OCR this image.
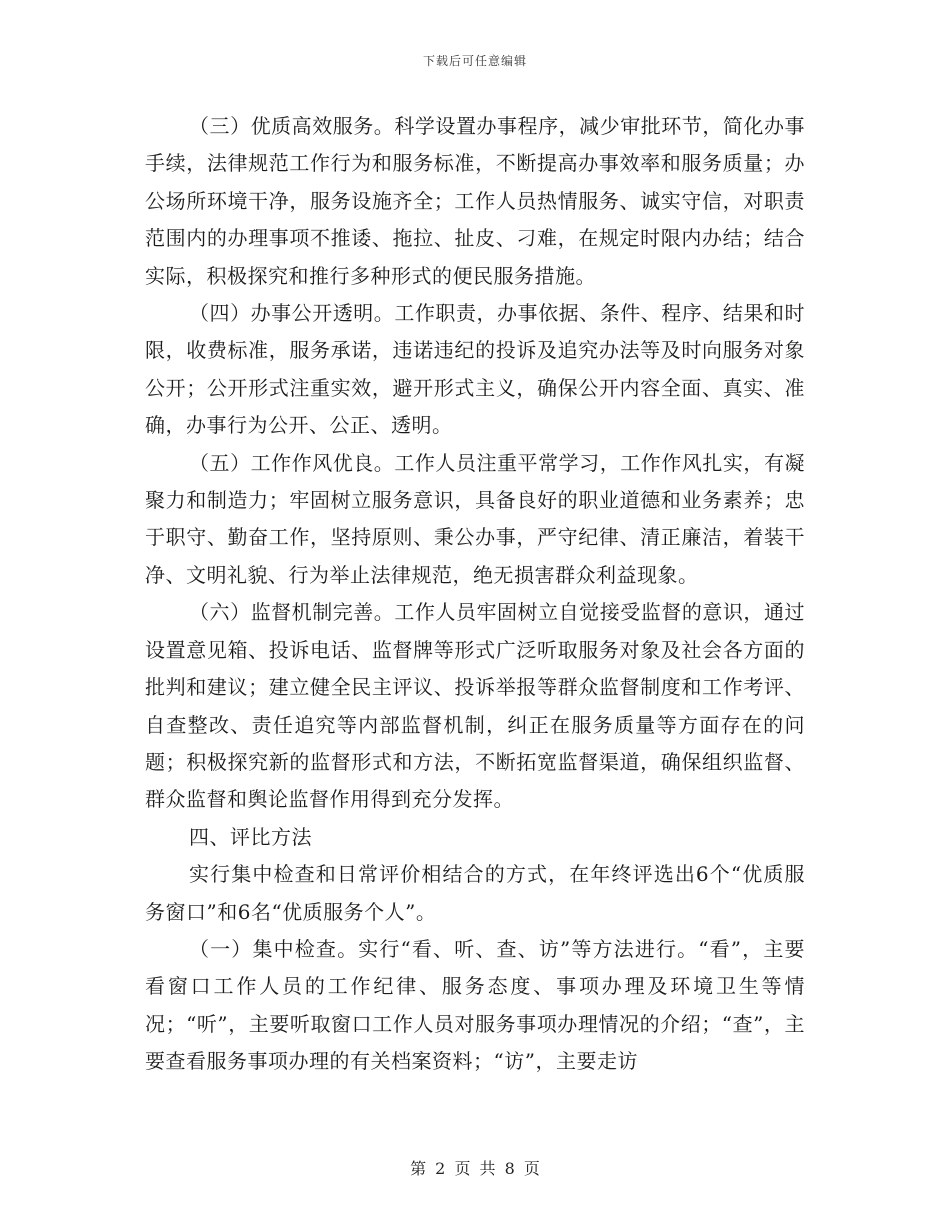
下载后可任意编辑

（三）优质高效服务。科学设置办事程序，减少审批环节，简化办事手续，法律规范工作行为和服务标准，不断提高办事效率和服务质量；办公场所环境干净，服务设施齐全；工作人员热情服务、诚实守信，对职责范围内的办理事项不推诿、拖拉、扯皮、刁难，在规定时限内办结；结合实际，积极探究和推行多种形式的便民服务措施。

（四）办事公开透明。工作职责，办事依据、条件、程序、结果和时限，收费标准，服务承诺，违诺违纪的投诉及追究办法等及时向服务对象公开；公开形式注重实效，避开形式主义，确保公开内容全面、真实、准确，办事行为公开、公正、透明。

（五）工作作风优良。工作人员注重平常学习，工作作风扎实，有凝聚力和制造力；牢固树立服务意识，具备良好的职业道德和业务素养；忠于职守、勤奋工作，坚持原则、秉公办事，严守纪律、清正廉洁，着装干净、文明礼貌、行为举止法律规范，绝无损害群众利益现象。

（六）监督机制完善。工作人员牢固树立自觉接受监督的意识，通过设置意见箱、投诉电话、监督牌等形式广泛听取服务对象及社会各方面的批判和建议；建立健全民主评议、投诉举报等群众监督制度和工作考评、自查整改、责任追究等内部监督机制，纠正在服务质量等方面存在的问题；积极探究新的监督形式和方法，不断拓宽监督渠道，确保组织监督、群众监督和舆论监督作用得到充分发挥。

四、评比方法

实行集中检查和日常评价相结合的方式，在年终评选出6个“优质服务窗口”和6名“优质服务个人”。

（一）集中检查。实行“看、听、查、访”等方法进行。“看”，主要看窗口工作人员的工作纪律、服务态度、事项办理及环境卫生等情况；“听”，主要听取窗口工作人员对服务事项办理情况的介绍；“查”，主要查看服务事项办理的有关档案资料；“访”，主要走访

第 2 页 共 8 页
